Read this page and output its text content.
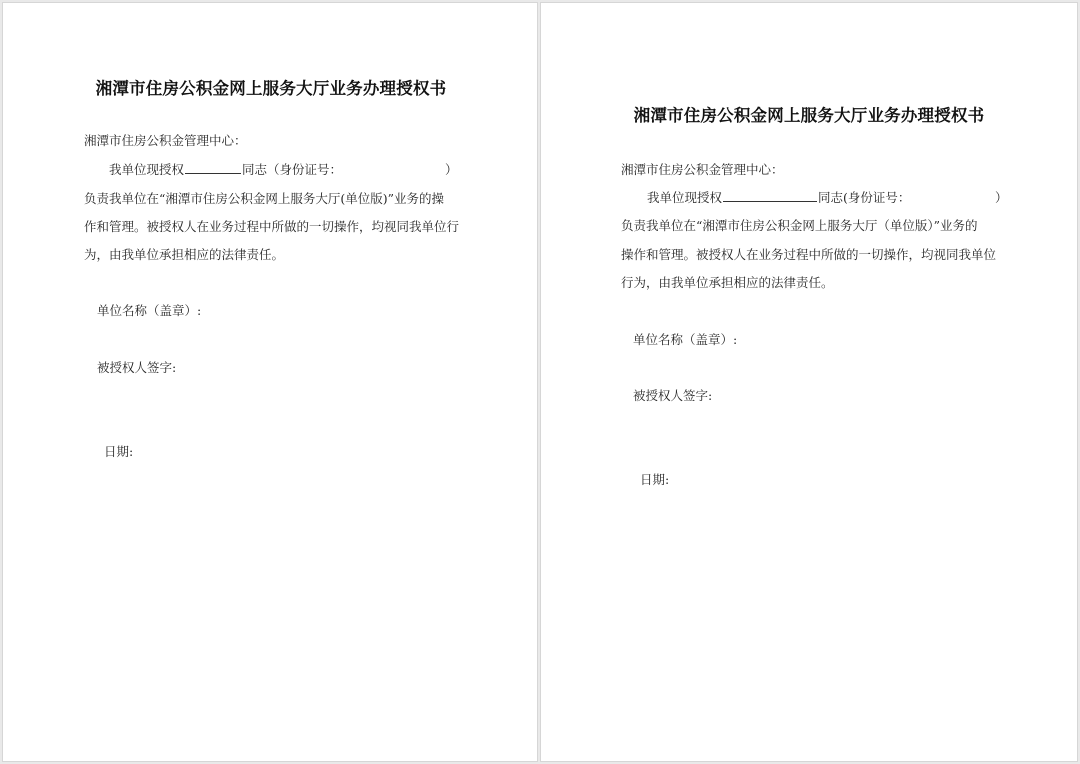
湘潭市住房公积金网上服务大厅业务办理授权书
湘潭市住房公积金管理中心：
我单位现授权	同志（身份证号：	）
负责我单位在“湘潭市住房公积金网上服务大厅(单位版)”业务的操
作和管理。被授权人在业务过程中所做的一切操作，均视同我单位行
为，由我单位承担相应的法律责任。
单位名称（盖章）:
被授权人签字:
日期:
湘潭市住房公积金网上服务大厅业务办理授权书
湘潭市住房公积金管理中心：
我单位现授权	同志(身份证号：	）
负责我单位在“湘潭市住房公积金网上服务大厅（单位版）”业务的
操作和管理。被授权人在业务过程中所做的一切操作，均视同我单位
行为，由我单位承担相应的法律责任。
单位名称（盖章）:
被授权人签字:
日期:
